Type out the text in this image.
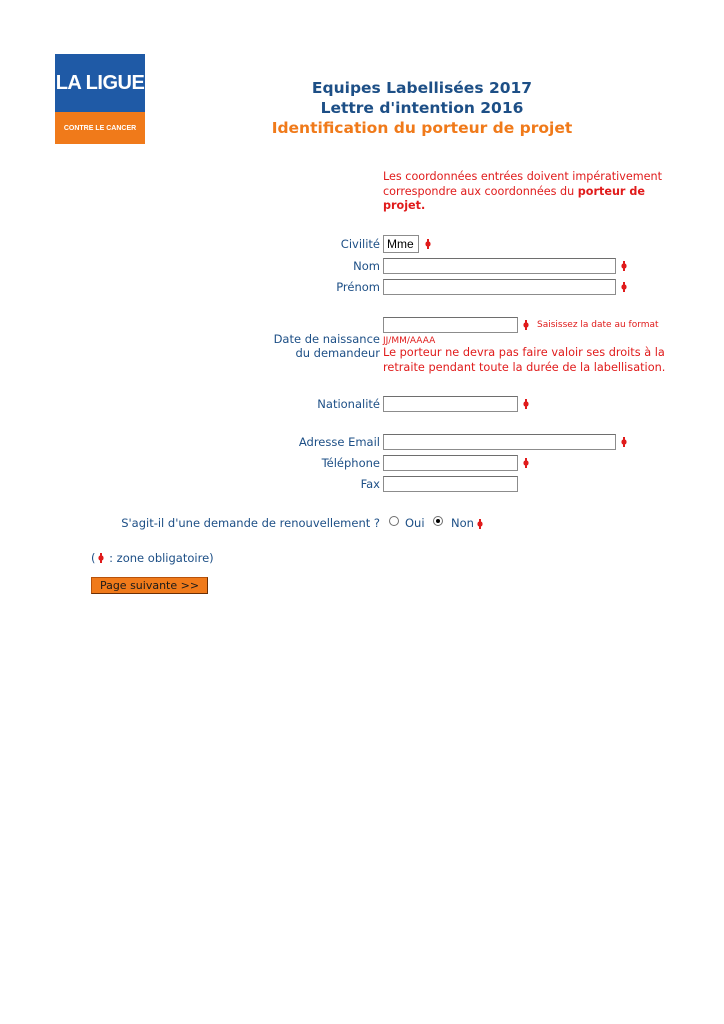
LA LIGUE
CONTRE LE CANCER
Equipes Labellisées 2017
Lettre d'intention 2016
Identification du porteur de projet
Les coordonnées entrées doivent impérativement correspondre aux coordonnées du porteur de projet.
Civilité Mme
Nom
Prénom
Saisissez la date au format
JJ/MM/AAAA
Date de naissance
du demandeur Le porteur ne devra pas faire valoir ses droits à la retraite pendant toute la durée de la labellisation.
Nationalité
Adresse Email
Téléphone
Fax
S'agit-il d'une demande de renouvellement ? Oui Non
( : zone obligatoire)
Page suivante >>
